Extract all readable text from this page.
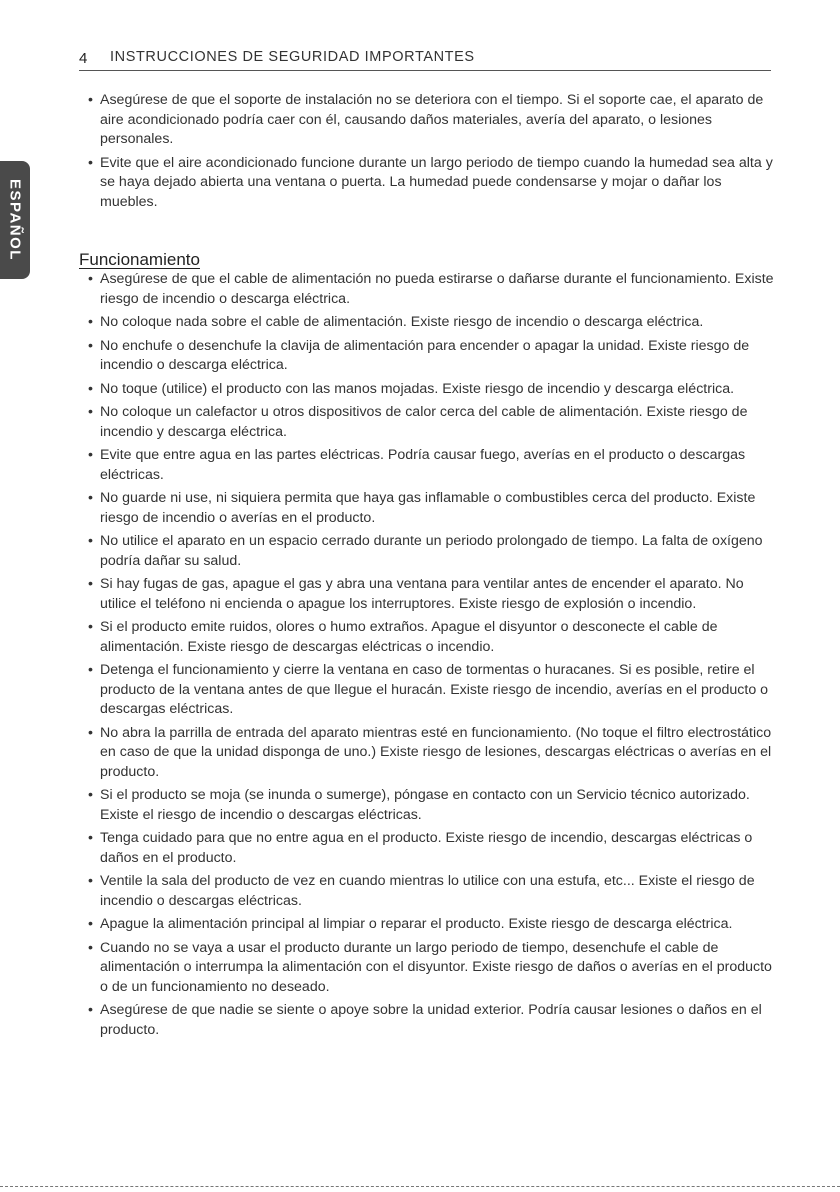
4 INSTRUCCIONES DE SEGURIDAD IMPORTANTES
ESPAÑOL
• Asegúrese de que el soporte de instalación no se deteriora con el tiempo. Si el soporte cae, el aparato de aire acondicionado podría caer con él, causando daños materiales, avería del aparato, o lesiones personales.
• Evite que el aire acondicionado funcione durante un largo periodo de tiempo cuando la humedad sea alta y se haya dejado abierta una ventana o puerta. La humedad puede condensarse y mojar o dañar los muebles.
Funcionamiento
• Asegúrese de que el cable de alimentación no pueda estirarse o dañarse durante el funcionamiento. Existe riesgo de incendio o descarga eléctrica.
• No coloque nada sobre el cable de alimentación. Existe riesgo de incendio o descarga eléctrica.
• No enchufe o desenchufe la clavija de alimentación para encender o apagar la unidad. Existe riesgo de incendio o descarga eléctrica.
• No toque (utilice) el producto con las manos mojadas. Existe riesgo de incendio y descarga eléctrica.
• No coloque un calefactor u otros dispositivos de calor cerca del cable de alimentación. Existe riesgo de incendio y descarga eléctrica.
• Evite que entre agua en las partes eléctricas. Podría causar fuego, averías en el producto o descargas eléctricas.
• No guarde ni use, ni siquiera permita que haya gas inflamable o combustibles cerca del producto. Existe riesgo de incendio o averías en el producto.
• No utilice el aparato en un espacio cerrado durante un periodo prolongado de tiempo. La falta de oxígeno podría dañar su salud.
• Si hay fugas de gas, apague el gas y abra una ventana para ventilar antes de encender el aparato. No utilice el teléfono ni encienda o apague los interruptores. Existe riesgo de explosión o incendio.
• Si el producto emite ruidos, olores o humo extraños. Apague el disyuntor o desconecte el cable de alimentación. Existe riesgo de descargas eléctricas o incendio.
• Detenga el funcionamiento y cierre la ventana en caso de tormentas o huracanes. Si es posible, retire el producto de la ventana antes de que llegue el huracán. Existe riesgo de incendio, averías en el producto o descargas eléctricas.
• No abra la parrilla de entrada del aparato mientras esté en funcionamiento. (No toque el filtro electrostático en caso de que la unidad disponga de uno.) Existe riesgo de lesiones, descargas eléctricas o averías en el producto.
• Si el producto se moja (se inunda o sumerge), póngase en contacto con un Servicio técnico autorizado. Existe el riesgo de incendio o descargas eléctricas.
• Tenga cuidado para que no entre agua en el producto. Existe riesgo de incendio, descargas eléctricas o daños en el producto.
• Ventile la sala del producto de vez en cuando mientras lo utilice con una estufa, etc... Existe el riesgo de incendio o descargas eléctricas.
• Apague la alimentación principal al limpiar o reparar el producto. Existe riesgo de descarga eléctrica.
• Cuando no se vaya a usar el producto durante un largo periodo de tiempo, desenchufe el cable de alimentación o interrumpa la alimentación con el disyuntor. Existe riesgo de daños o averías en el producto o de un funcionamiento no deseado.
• Asegúrese de que nadie se siente o apoye sobre la unidad exterior. Podría causar lesiones o daños en el producto.
